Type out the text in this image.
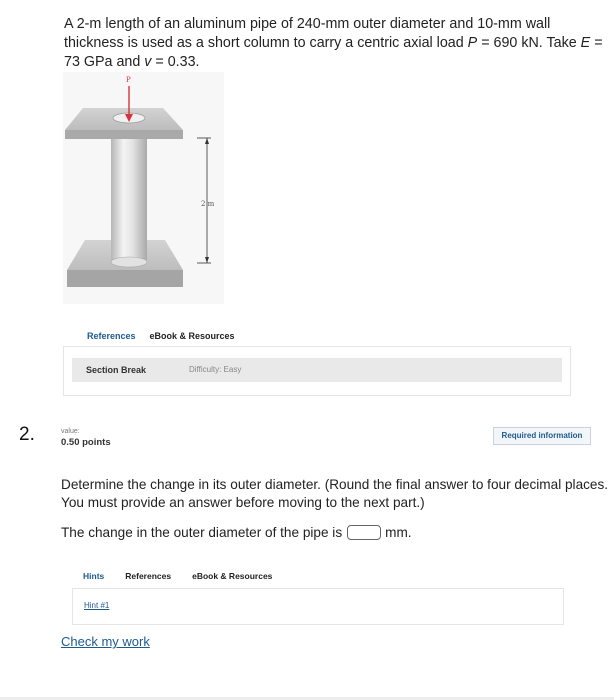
A 2-m length of an aluminum pipe of 240-mm outer diameter and 10-mm wall thickness is used as a short column to carry a centric axial load P = 690 kN. Take E = 73 GPa and v = 0.33.
2 m
P
References eBook & Resources
Section Break	Difficulty: Easy
2.	value:
0.50 points
Required information
Determine the change in its outer diameter. (Round the final answer to four decimal places. You must provide an answer before moving to the next part.)
The change in the outer diameter of the pipe is	mm.
Hints References eBook & Resources
Hint #1
Check my work
